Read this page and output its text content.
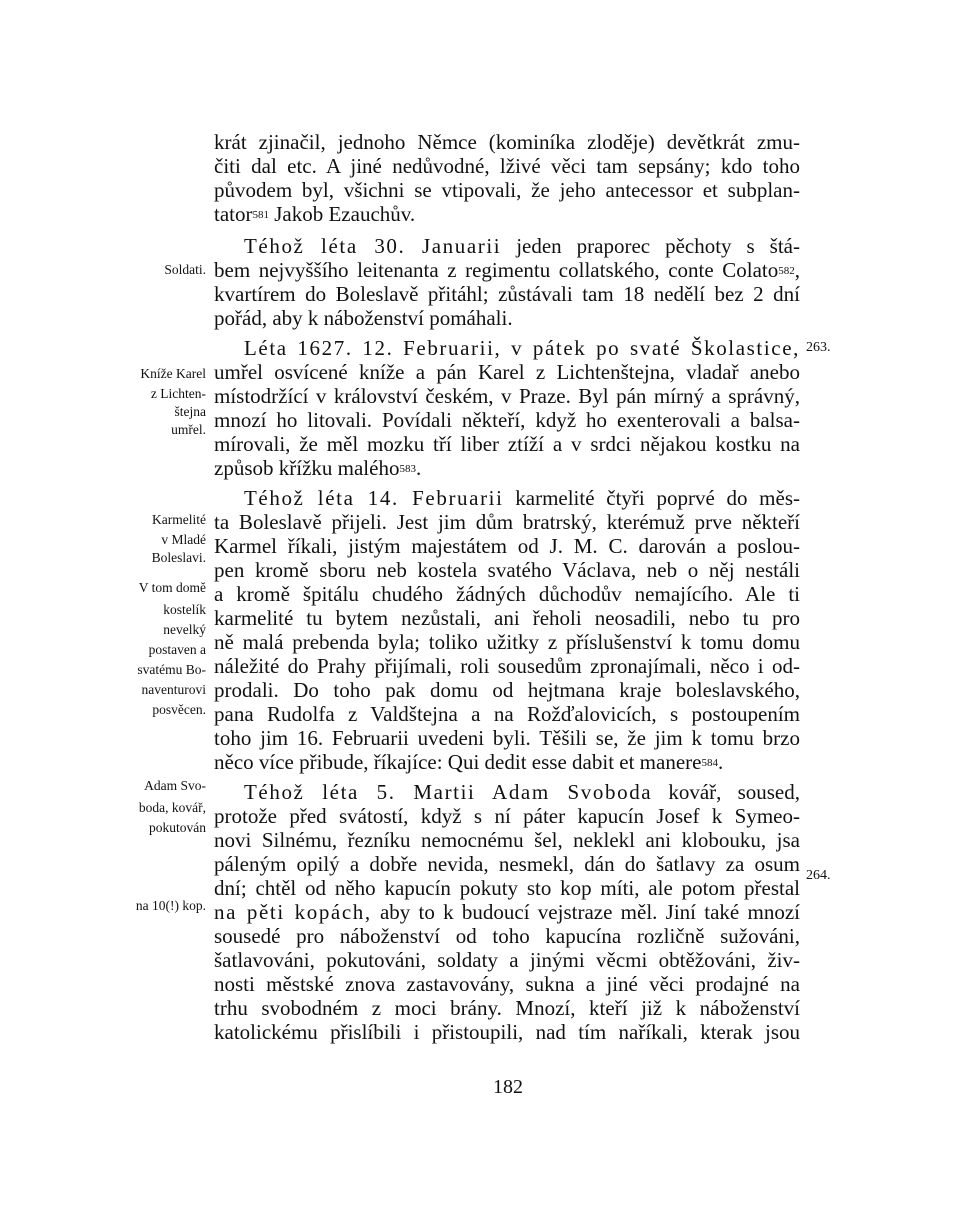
krát zjinačil, jednoho Němce (kominíka zloděje) devětkrát zmu-
čiti dal etc. A jiné nedůvodné, lživé věci tam sepsány; kdo toho
původem byl, všichni se vtipovali, že jeho antecessor et subplan-
tator$^{581}$ Jakob Ezauchův.
Téhož léta 30. Januarii jeden praporec pěchoty s štá-
bem nejvyššího leitenanta z regimentu collatského, conte Colato$^{582}$,
kvartírem do Boleslavě přitáhl; zůstávali tam 18 nedělí bez 2 dní
pořád, aby k náboženství pomáhali.
Léta 1627. 12. Februarii, v pátek po svaté Školastice,
umřel osvícené kníže a pán Karel z Lichtenštejna, vladař anebo
místodržící v království českém, v Praze. Byl pán mírný a správný,
mnozí ho litovali. Povídali někteří, když ho exenterovali a balsa-
mírovali, že měl mozku tří liber ztíží a v srdci nějakou kostku na
způsob křížku malého$^{583}$.
Téhož léta 14. Februarii karmelité čtyři poprvé do měs-
ta Boleslavě přijeli. Jest jim dům bratrský, kterémuž prve někteří
Karmel říkali, jistým majestátem od J. M. C. darován a poslou-
pen kromě sboru neb kostela svatého Václava, neb o něj nestáli
a kromě špitálu chudého žádných důchodův nemajícího. Ale ti
karmelité tu bytem nezůstali, ani řeholi neosadili, nebo tu pro
ně malá prebenda byla; toliko užitky z příslušenství k tomu domu
náležité do Prahy přijímali, roli sousedům zpronajímali, něco i od-
prodali. Do toho pak domu od hejtmana kraje boleslavského,
pana Rudolfa z Valdštejna a na Rožďalovicích, s postoupením
toho jim 16. Februarii uvedeni byli. Těšili se, že jim k tomu brzo
něco více přibude, říkajíce: Qui dedit esse dabit et manere$^{584}$.
Téhož léta 5. Martii Adam Svoboda kovář, soused,
protože před svátostí, když s ní páter kapucín Josef k Symeo-
novi Silnému, řezníku nemocnému šel, neklekl ani klobouku, jsa
páleným opilý a dobře nevida, nesmekl, dán do šatlavy za osum
dní; chtěl od něho kapucín pokuty sto kop míti, ale potom přestal
na pěti kopách, aby to k budoucí vejstraze měl. Jiní také mnozí
sousedé pro náboženství od toho kapucína rozličně sužováni,
šatlavováni, pokutováni, soldaty a jinými věcmi obtěžováni, živ-
nosti městské znova zastavovány, sukna a jiné věci prodajné na
trhu svobodném z moci brány. Mnozí, kteří již k náboženství
katolickému přislíbili i přistoupili, nad tím naříkali, kterak jsou
Soldati.
Kníže Karel
z Lichten-
štejna
umřel.
Karmelité
v Mladé
Boleslavi.
V tom domě
kostelík
nevelký
postaven a
svatému Bo-
naventurovi
posvěcen.
Adam Svo-
boda, kovář,
pokutován
na 10(!) kop.
263.
264.
182
